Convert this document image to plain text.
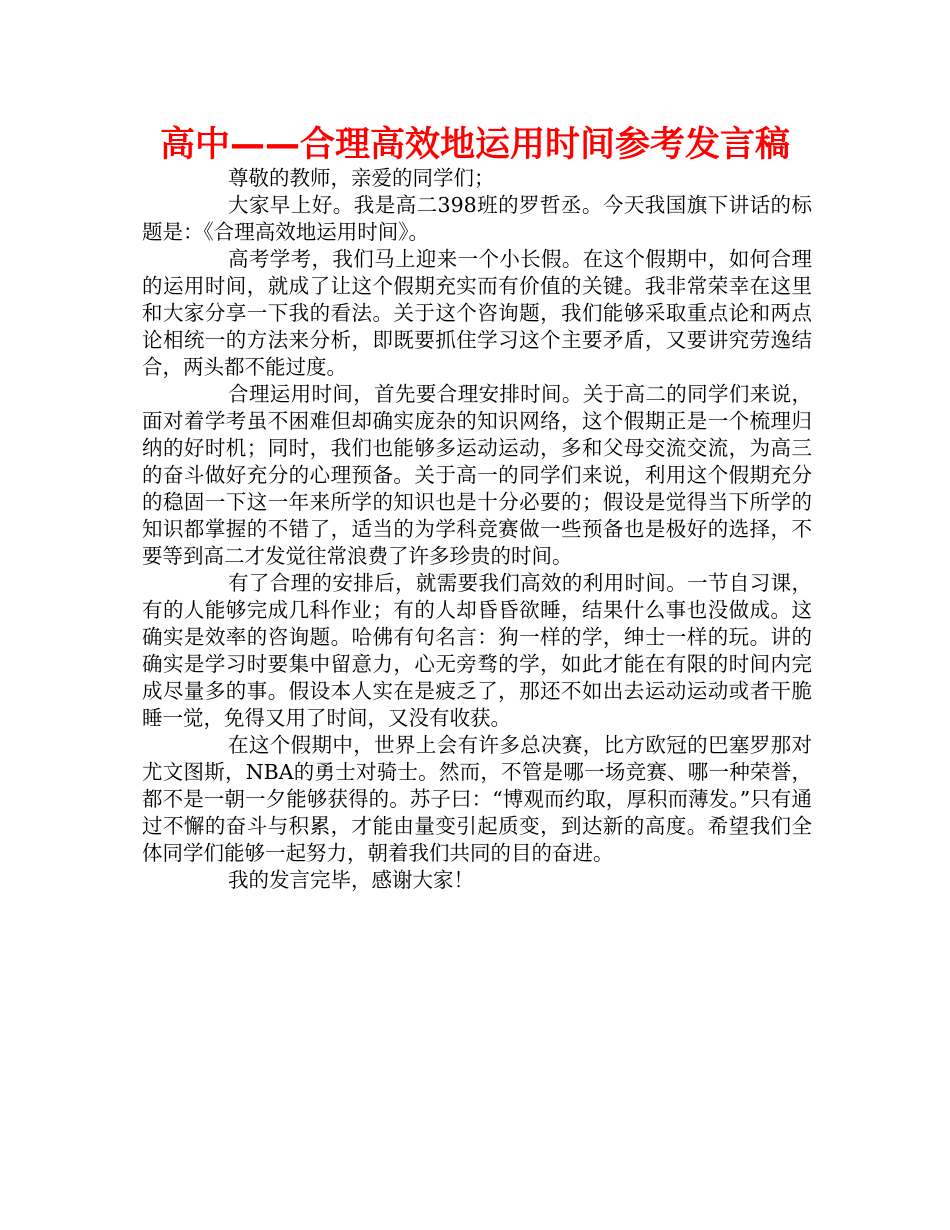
高中——合理高效地运用时间参考发言稿

尊敬的教师，亲爱的同学们；

大家早上好。我是高二398班的罗哲丞。今天我国旗下讲话的标题是：《合理高效地运用时间》。

高考学考，我们马上迎来一个小长假。在这个假期中，如何合理的运用时间，就成了让这个假期充实而有价值的关键。我非常荣幸在这里和大家分享一下我的看法。关于这个咨询题，我们能够采取重点论和两点论相统一的方法来分析，即既要抓住学习这个主要矛盾，又要讲究劳逸结合，两头都不能过度。

合理运用时间，首先要合理安排时间。关于高二的同学们来说，面对着学考虽不困难但却确实庞杂的知识网络，这个假期正是一个梳理归纳的好时机；同时，我们也能够多运动运动，多和父母交流交流，为高三的奋斗做好充分的心理预备。关于高一的同学们来说，利用这个假期充分的稳固一下这一年来所学的知识也是十分必要的；假设是觉得当下所学的知识都掌握的不错了，适当的为学科竞赛做一些预备也是极好的选择，不要等到高二才发觉往常浪费了许多珍贵的时间。

有了合理的安排后，就需要我们高效的利用时间。一节自习课，有的人能够完成几科作业；有的人却昏昏欲睡，结果什么事也没做成。这确实是效率的咨询题。哈佛有句名言：狗一样的学，绅士一样的玩。讲的确实是学习时要集中留意力，心无旁骛的学，如此才能在有限的时间内完成尽量多的事。假设本人实在是疲乏了，那还不如出去运动运动或者干脆睡一觉，免得又用了时间，又没有收获。

在这个假期中，世界上会有许多总决赛，比方欧冠的巴塞罗那对尤文图斯，NBA的勇士对骑士。然而，不管是哪一场竞赛、哪一种荣誉，都不是一朝一夕能够获得的。苏子曰：“博观而约取，厚积而薄发。”只有通过不懈的奋斗与积累，才能由量变引起质变，到达新的高度。希望我们全体同学们能够一起努力，朝着我们共同的目的奋进。

我的发言完毕，感谢大家！
